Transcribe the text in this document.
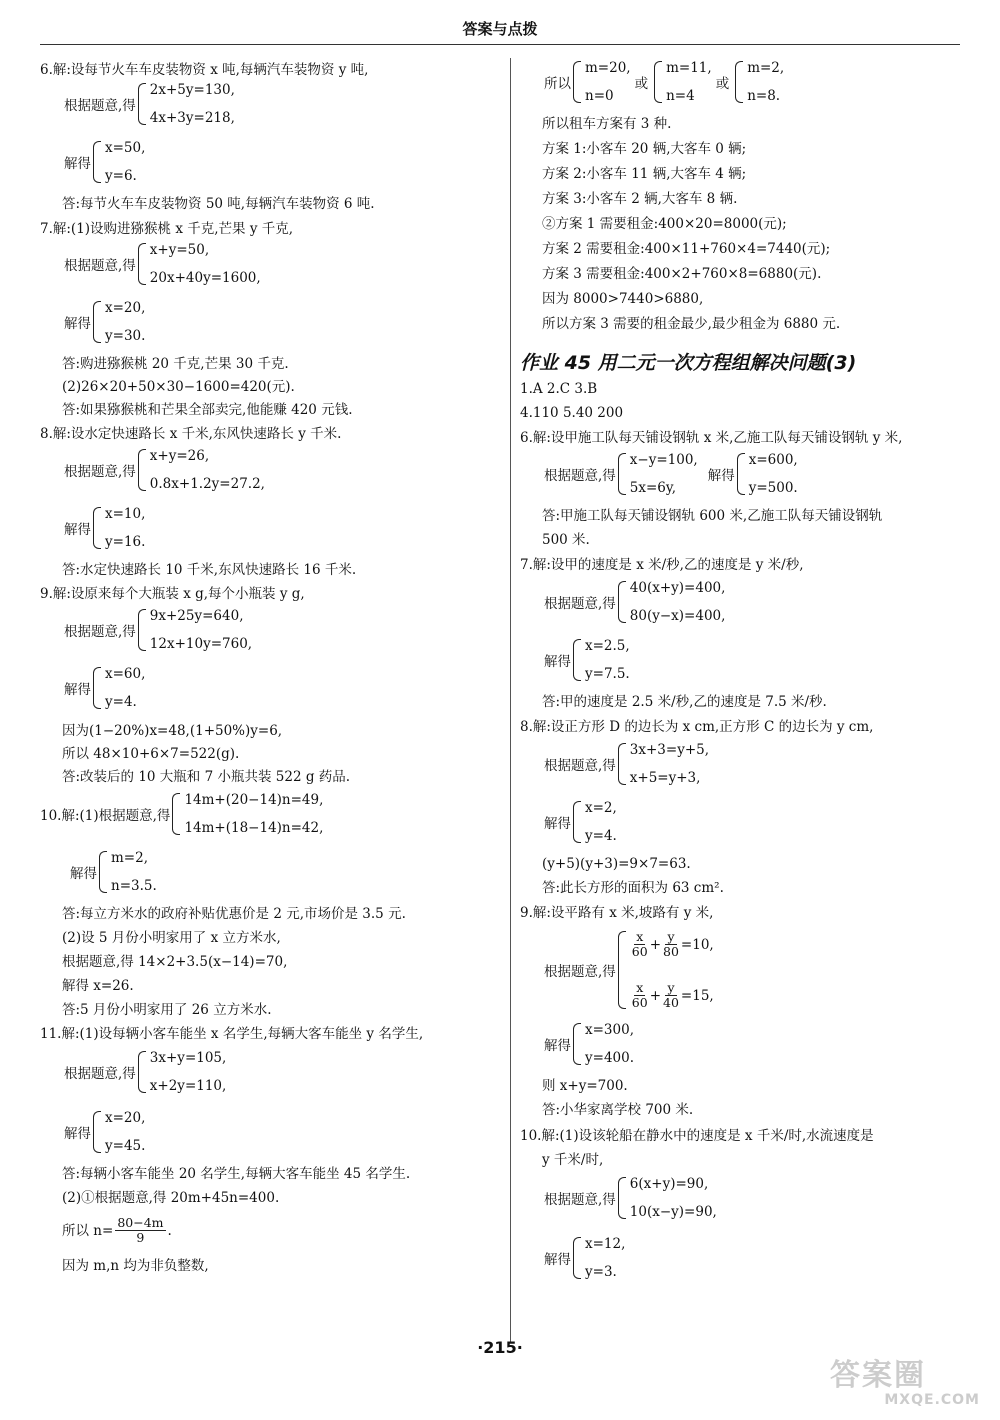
答案与点拨
6.解:设每节火车车皮装物资 x 吨,每辆汽车装物资 y 吨,
根据题意,得
2x+5y=130,
4x+3y=218,
解得
x=50,
y=6.
答:每节火车车皮装物资 50 吨,每辆汽车装物资 6 吨.
7.解:(1)设购进猕猴桃 x 千克,芒果 y 千克,
根据题意,得
x+y=50,
20x+40y=1600,
解得
x=20,
y=30.
答:购进猕猴桃 20 千克,芒果 30 千克.
(2)26×20+50×30−1600=420(元).
答:如果猕猴桃和芒果全部卖完,他能赚 420 元钱.
8.解:设水定快速路长 x 千米,东风快速路长 y 千米.
根据题意,得
x+y=26,
0.8x+1.2y=27.2,
解得
x=10,
y=16.
答:水定快速路长 10 千米,东风快速路长 16 千米.
9.解:设原来每个大瓶装 x g,每个小瓶装 y g,
根据题意,得
9x+25y=640,
12x+10y=760,
解得
x=60,
y=4.
因为(1−20%)x=48,(1+50%)y=6,
所以 48×10+6×7=522(g).
答:改装后的 10 大瓶和 7 小瓶共装 522 g 药品.
10.解:(1)根据题意,得
14m+(20−14)n=49,
14m+(18−14)n=42,
解得
m=2,
n=3.5.
答:每立方米水的政府补贴优惠价是 2 元,市场价是 3.5 元.
(2)设 5 月份小明家用了 x 立方米水,
根据题意,得 14×2+3.5(x−14)=70,
解得 x=26.
答:5 月份小明家用了 26 立方米水.
11.解:(1)设每辆小客车能坐 x 名学生,每辆大客车能坐 y 名学生,
根据题意,得
3x+y=105,
x+2y=110,
解得
x=20,
y=45.
答:每辆小客车能坐 20 名学生,每辆大客车能坐 45 名学生.
(2)①根据题意,得 20m+45n=400.
所以 $n= \frac{80-4m}{9}$ .
因为 m,n 均为非负整数,
所以
m=20,
n=0
或
m=11,
n=4
或
m=2,
n=8.
所以租车方案有 3 种.
方案 1:小客车 20 辆,大客车 0 辆;
方案 2:小客车 11 辆,大客车 4 辆;
方案 3:小客车 2 辆,大客车 8 辆.
②方案 1 需要租金:400×20=8000(元);
方案 2 需要租金:400×11+760×4=7440(元);
方案 3 需要租金:400×2+760×8=6880(元).
因为 8000>7440>6880,
所以方案 3 需要的租金最少,最少租金为 6880 元.
作业 45 用二元一次方程组解决问题(3)
1.A 2.C 3.B
4.110 5.40 200
6.解:设甲施工队每天铺设钢轨 x 米,乙施工队每天铺设钢轨 y 米,
根据题意,得
x−y=100,
5x=6y,
解得
x=600,
y=500.
答:甲施工队每天铺设钢轨 600 米,乙施工队每天铺设钢轨
500 米.
7.解:设甲的速度是 x 米/秒,乙的速度是 y 米/秒,
根据题意,得
40(x+y)=400,
80(y−x)=400,
解得
x=2.5,
y=7.5.
答:甲的速度是 2.5 米/秒,乙的速度是 7.5 米/秒.
8.解:设正方形 D 的边长为 x cm,正方形 C 的边长为 y cm,
根据题意,得
3x+3=y+5,
x+5=y+3,
解得
x=2,
y=4.
(y+5)(y+3)=9×7=63.
答:此长方形的面积为 63 cm².
9.解:设平路有 x 米,坡路有 y 米,
根据题意,得
$\frac{x}{60} + \frac{y}{80} =10$,
$\frac{x}{60} + \frac{y}{40} =15$,
解得
x=300,
y=400.
则 x+y=700.
答:小华家离学校 700 米.
10.解:(1)设该轮船在静水中的速度是 x 千米/时,水流速度是
y 千米/时,
根据题意,得
6(x+y)=90,
10(x−y)=90,
解得
x=12,
y=3.
·215·
答案圈
MXQE.COM
